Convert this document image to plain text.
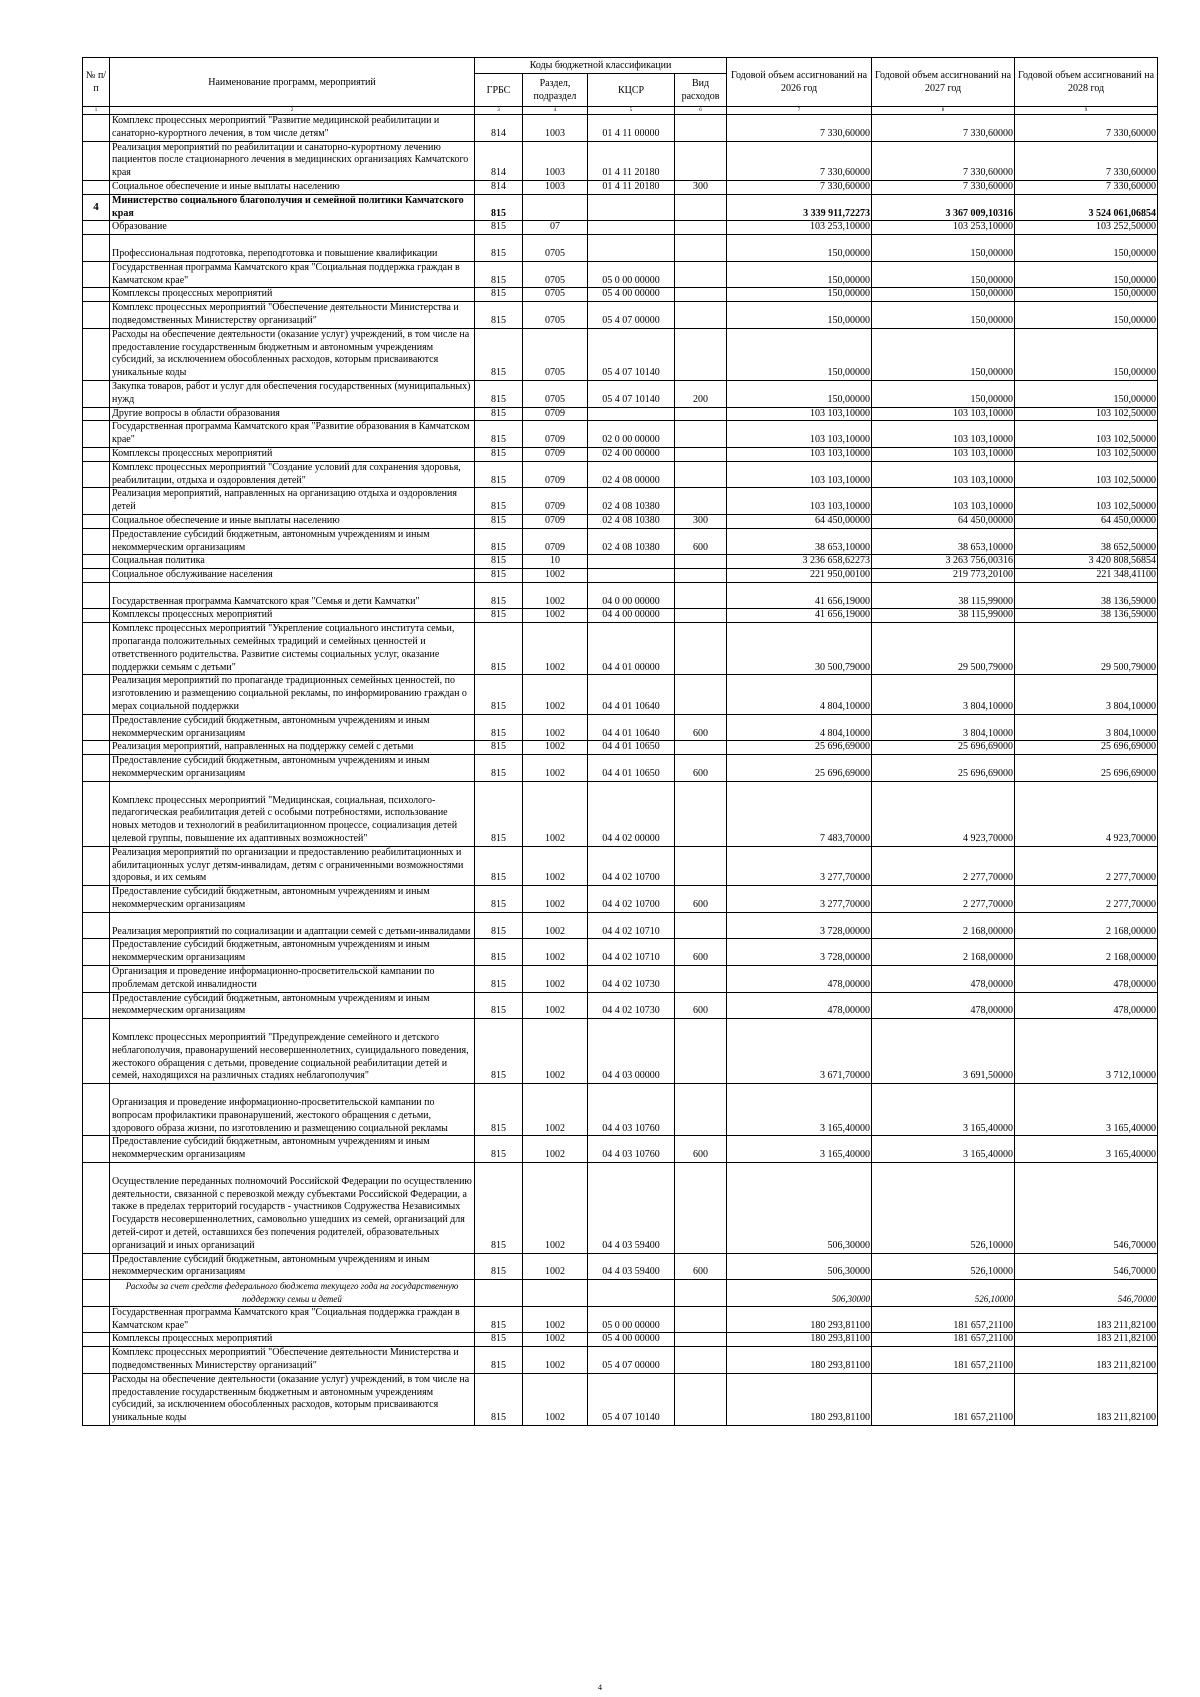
№ п/п	Наименование программ, мероприятий	Коды бюджетной классификации				Годовой объем ассигнований на 2026 год	Годовой объем ассигнований на 2027 год	Годовой объем ассигнований на 2028 год
		ГРБС	Раздел, подраздел	КЦСР	Вид расходов			
1	2	3	4	5	6	7	8	9
	Комплекс процессных мероприятий "Развитие медицинской реабилитации и санаторно-курортного лечения, в том числе детям"	814	1003	01 4 11 00000		7 330,60000	7 330,60000	7 330,60000
	Реализация мероприятий по реабилитации и санаторно-курортному лечению пациентов после стационарного лечения в медицинских организациях Камчатского края	814	1003	01 4 11 20180		7 330,60000	7 330,60000	7 330,60000
	Социальное обеспечение и иные выплаты населению	814	1003	01 4 11 20180	300	7 330,60000	7 330,60000	7 330,60000
4	Министерство социального благополучия и семейной политики Камчатского края	815				3 339 911,72273	3 367 009,10316	3 524 061,06854
	Образование	815	07			103 253,10000	103 253,10000	103 252,50000
	Профессиональная подготовка, переподготовка и повышение квалификации	815	0705			150,00000	150,00000	150,00000
	Государственная программа Камчатского края "Социальная поддержка граждан в Камчатском крае"	815	0705	05 0 00 00000		150,00000	150,00000	150,00000
	Комплексы процессных мероприятий	815	0705	05 4 00 00000		150,00000	150,00000	150,00000
	Комплекс процессных мероприятий "Обеспечение деятельности Министерства и подведомственных Министерству организаций"	815	0705	05 4 07 00000		150,00000	150,00000	150,00000
	Расходы на обеспечение деятельности (оказание услуг) учреждений, в том числе на предоставление государственным бюджетным и автономным учреждениям субсидий, за исключением обособленных расходов, которым присваиваются уникальные коды	815	0705	05 4 07 10140		150,00000	150,00000	150,00000
	Закупка товаров, работ и услуг для обеспечения государственных (муниципальных) нужд	815	0705	05 4 07 10140	200	150,00000	150,00000	150,00000
	Другие вопросы в области образования	815	0709			103 103,10000	103 103,10000	103 102,50000
	Государственная программа Камчатского края "Развитие образования в Камчатском крае"	815	0709	02 0 00 00000		103 103,10000	103 103,10000	103 102,50000
	Комплексы процессных мероприятий	815	0709	02 4 00 00000		103 103,10000	103 103,10000	103 102,50000
	Комплекс процессных мероприятий "Создание условий для сохранения здоровья, реабилитации, отдыха и оздоровления детей"	815	0709	02 4 08 00000		103 103,10000	103 103,10000	103 102,50000
	Реализация мероприятий, направленных на организацию отдыха и оздоровления детей	815	0709	02 4 08 10380		103 103,10000	103 103,10000	103 102,50000
	Социальное обеспечение и иные выплаты населению	815	0709	02 4 08 10380	300	64 450,00000	64 450,00000	64 450,00000
	Предоставление субсидий бюджетным, автономным учреждениям и иным некоммерческим организациям	815	0709	02 4 08 10380	600	38 653,10000	38 653,10000	38 652,50000
	Социальная политика	815	10			3 236 658,62273	3 263 756,00316	3 420 808,56854
	Социальное обслуживание населения	815	1002			221 950,00100	219 773,20100	221 348,41100
	Государственная программа Камчатского края "Семья и дети Камчатки"	815	1002	04 0 00 00000		41 656,19000	38 115,99000	38 136,59000
	Комплексы процессных мероприятий	815	1002	04 4 00 00000		41 656,19000	38 115,99000	38 136,59000
	Комплекс процессных мероприятий "Укрепление социального института семьи, пропаганда положительных семейных традиций и семейных ценностей и ответственного родительства. Развитие системы социальных услуг, оказание поддержки семьям с детьми"	815	1002	04 4 01 00000		30 500,79000	29 500,79000	29 500,79000
	Реализация мероприятий по пропаганде традиционных семейных ценностей, по изготовлению и размещению социальной рекламы, по информированию граждан о мерах социальной поддержки	815	1002	04 4 01 10640		4 804,10000	3 804,10000	3 804,10000
	Предоставление субсидий бюджетным, автономным учреждениям и иным некоммерческим организациям	815	1002	04 4 01 10640	600	4 804,10000	3 804,10000	3 804,10000
	Реализация мероприятий, направленных на поддержку семей с детьми	815	1002	04 4 01 10650		25 696,69000	25 696,69000	25 696,69000
	Предоставление субсидий бюджетным, автономным учреждениям и иным некоммерческим организациям	815	1002	04 4 01 10650	600	25 696,69000	25 696,69000	25 696,69000
	Комплекс процессных мероприятий "Медицинская, социальная, психолого-педагогическая реабилитация детей с особыми потребностями, использование новых методов и технологий в реабилитационном процессе, социализация детей целевой группы, повышение их адаптивных возможностей"	815	1002	04 4 02 00000		7 483,70000	4 923,70000	4 923,70000
	Реализация мероприятий по организации и предоставлению реабилитационных и абилитационных услуг детям-инвалидам, детям с ограниченными возможностями здоровья, и их семьям	815	1002	04 4 02 10700		3 277,70000	2 277,70000	2 277,70000
	Предоставление субсидий бюджетным, автономным учреждениям и иным некоммерческим организациям	815	1002	04 4 02 10700	600	3 277,70000	2 277,70000	2 277,70000
	Реализация мероприятий по социализации и адаптации семей с детьми-инвалидами	815	1002	04 4 02 10710		3 728,00000	2 168,00000	2 168,00000
	Предоставление субсидий бюджетным, автономным учреждениям и иным некоммерческим организациям	815	1002	04 4 02 10710	600	3 728,00000	2 168,00000	2 168,00000
	Организация и проведение информационно-просветительской кампании по проблемам детской инвалидности	815	1002	04 4 02 10730		478,00000	478,00000	478,00000
	Предоставление субсидий бюджетным, автономным учреждениям и иным некоммерческим организациям	815	1002	04 4 02 10730	600	478,00000	478,00000	478,00000
	Комплекс процессных мероприятий "Предупреждение семейного и детского неблагополучия, правонарушений несовершеннолетних, суицидального поведения, жестокого обращения с детьми, проведение социальной реабилитации детей и семей, находящихся на различных стадиях неблагополучия"	815	1002	04 4 03 00000		3 671,70000	3 691,50000	3 712,10000
	Организация и проведение информационно-просветительской кампании по вопросам профилактики правонарушений, жестокого обращения с детьми, здорового образа жизни, по изготовлению и размещению социальной рекламы	815	1002	04 4 03 10760		3 165,40000	3 165,40000	3 165,40000
	Предоставление субсидий бюджетным, автономным учреждениям и иным некоммерческим организациям	815	1002	04 4 03 10760	600	3 165,40000	3 165,40000	3 165,40000
	Осуществление переданных полномочий Российской Федерации по осуществлению деятельности, связанной с перевозкой между субъектами Российской Федерации, а также в пределах территорий государств - участников Содружества Независимых Государств несовершеннолетних, самовольно ушедших из семей, организаций для детей-сирот и детей, оставшихся без попечения родителей, образовательных организаций и иных организаций	815	1002	04 4 03 59400		506,30000	526,10000	546,70000
	Предоставление субсидий бюджетным, автономным учреждениям и иным некоммерческим организациям	815	1002	04 4 03 59400	600	506,30000	526,10000	546,70000
	Расходы за счет средств федерального бюджета текущего года на государственную поддержку семьи и детей					506,30000	526,10000	546,70000
	Государственная программа Камчатского края "Социальная поддержка граждан в Камчатском крае"	815	1002	05 0 00 00000		180 293,81100	181 657,21100	183 211,82100
	Комплексы процессных мероприятий	815	1002	05 4 00 00000		180 293,81100	181 657,21100	183 211,82100
	Комплекс процессных мероприятий "Обеспечение деятельности Министерства и подведомственных Министерству организаций"	815	1002	05 4 07 00000		180 293,81100	181 657,21100	183 211,82100
	Расходы на обеспечение деятельности (оказание услуг) учреждений, в том числе на предоставление государственным бюджетным и автономным учреждениям субсидий, за исключением обособленных расходов, которым присваиваются уникальные коды	815	1002	05 4 07 10140		180 293,81100	181 657,21100	183 211,82100
4
